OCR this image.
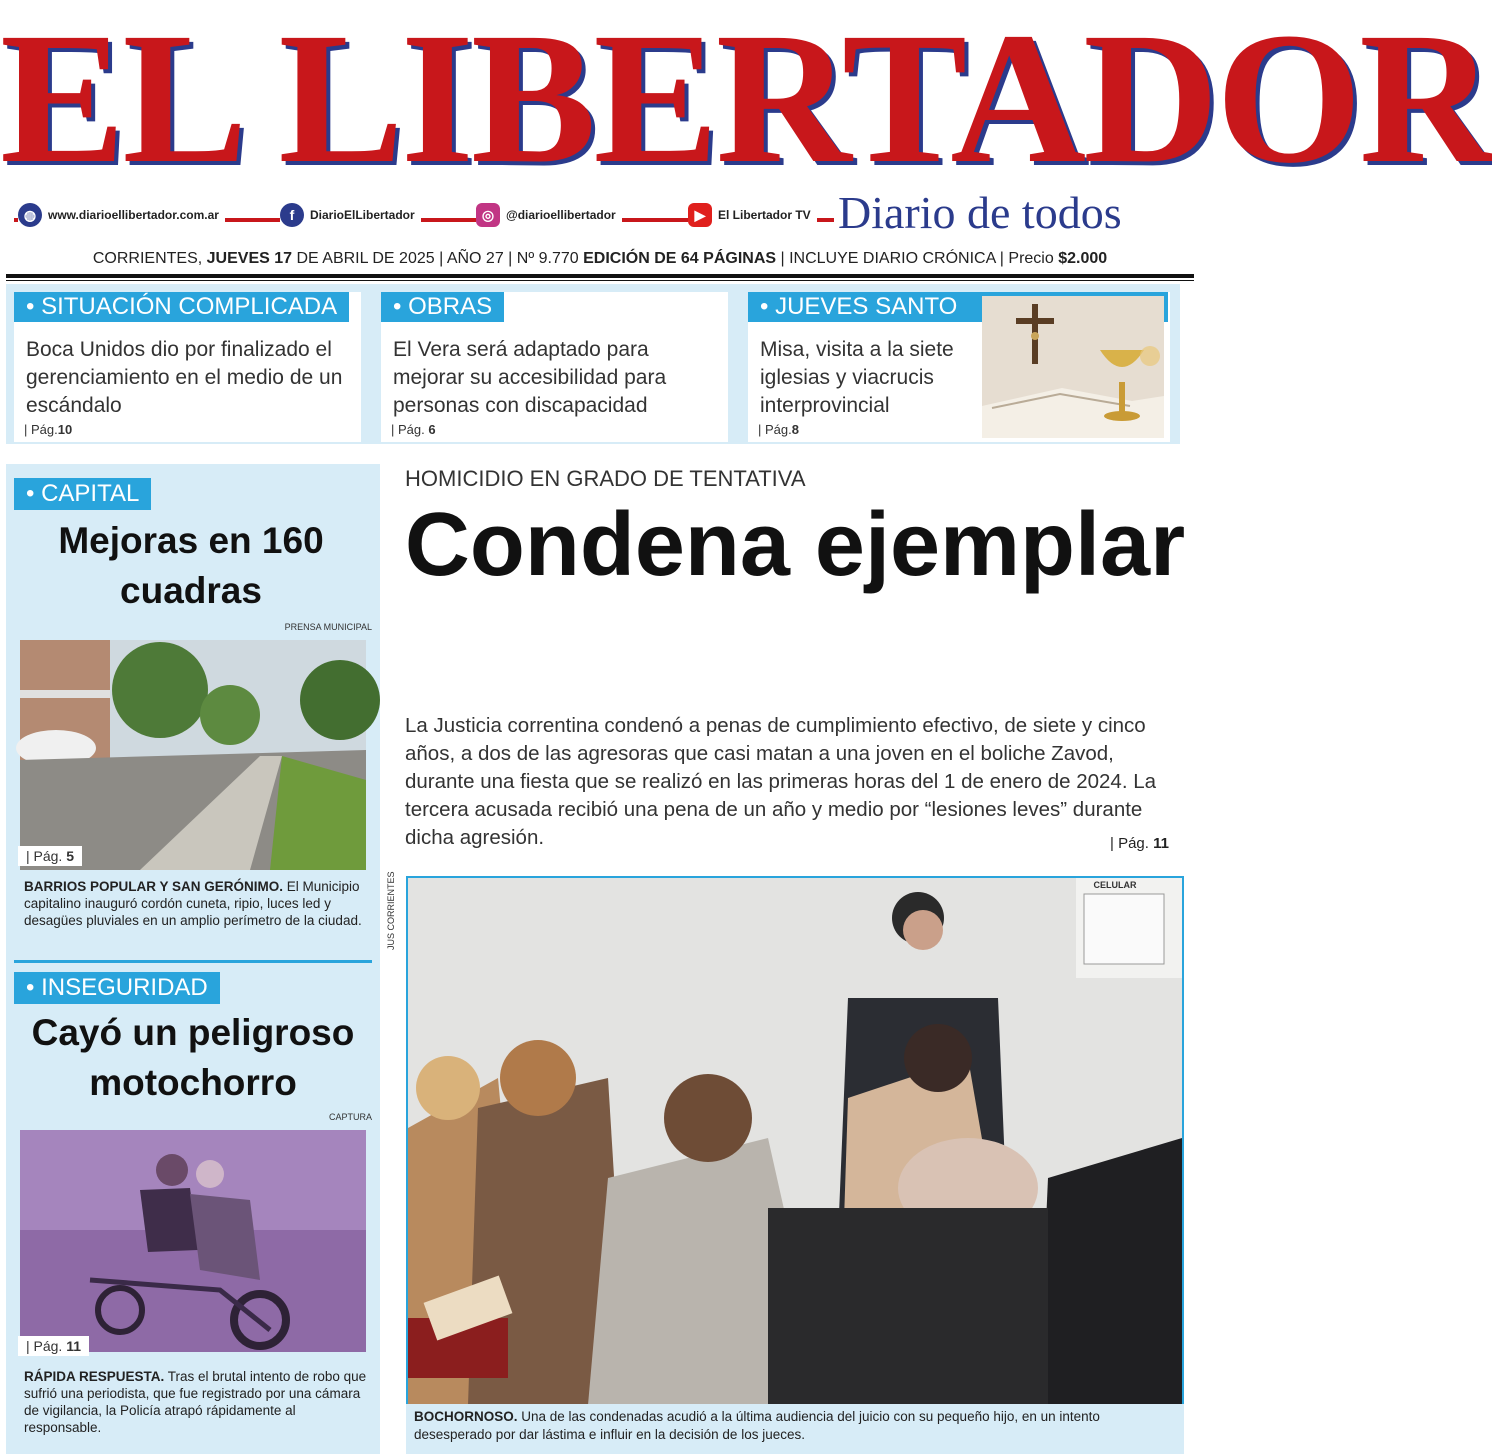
EL LIBERTADOR
◍ www.diarioellibertador.com.ar	f	DiarioElLibertador	◎ @diarioellibertador	▶	El Libertador TV Diario de todos
CORRIENTES, JUEVES 17 DE ABRIL DE 2025 | AÑO 27 | Nº 9.770 EDICIÓN DE 64 PÁGINAS | INCLUYE DIARIO CRÓNICA | Precio $2.000
• SITUACIÓN COMPLICADA
Boca Unidos dio por finalizado el gerenciamiento en el medio de un escándalo
| Pág.10
• OBRAS
El Vera será adaptado para mejorar su accesibilidad para personas con discapacidad
| Pág. 6
• JUEVES SANTO
Misa, visita a la siete iglesias y viacrucis interprovincial
| Pág.8
• CAPITAL
Mejoras en 160 cuadras
PRENSA MUNICIPAL
| Pág. 5
BARRIOS POPULAR Y SAN GERÓNIMO. El Municipio capitalino inauguró cordón cuneta, ripio, luces led y desagües pluviales en un amplio perímetro de la ciudad.
• INSEGURIDAD
Cayó un peligroso motochorro
CAPTURA
| Pág. 11
RÁPIDA RESPUESTA. Tras el brutal intento de robo que sufrió una periodista, que fue registrado por una cámara de vigilancia, la Policía atrapó rápidamente al responsable.
HOMICIDIO EN GRADO DE TENTATIVA
Condena ejemplar
La Justicia correntina condenó a penas de cumplimiento efectivo, de siete y cinco años, a dos de las agresoras que casi matan a una joven en el boliche Zavod, durante una fiesta que se realizó en las primeras horas del 1 de enero de 2024. La tercera acusada recibió una pena de un año y medio por “lesiones leves” durante dicha agresión.	| Pág. 11
JUS CORRIENTES	CELULAR
BOCHORNOSO. Una de las condenadas acudió a la última audiencia del juicio con su pequeño hijo, en un intento desesperado por dar lástima e influir en la decisión de los jueces.
